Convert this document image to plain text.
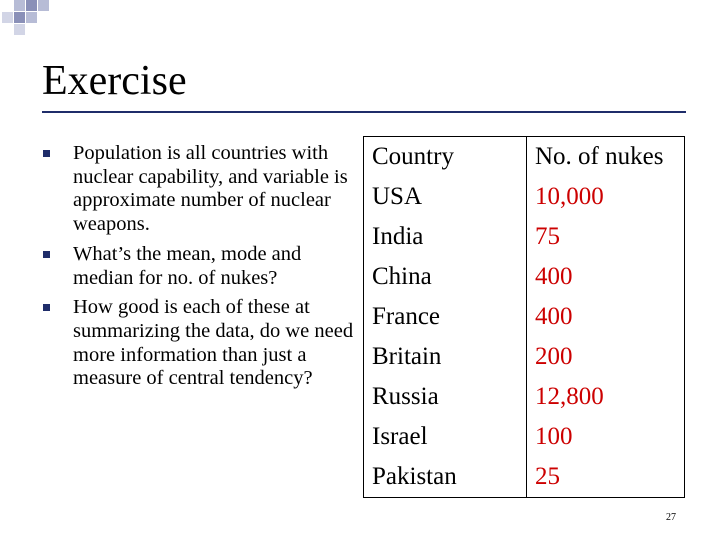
Exercise
Population is all countries with nuclear capability, and variable is approximate number of nuclear weapons.
What’s the mean, mode and median for no. of nukes?
How good is each of these at summarizing the data, do we need more information than just a measure of central tendency?
Country	No. of nukes
USA	10,000
India	75
China	400
France	400
Britain	200
Russia	12,800
Israel	100
Pakistan	25
27
